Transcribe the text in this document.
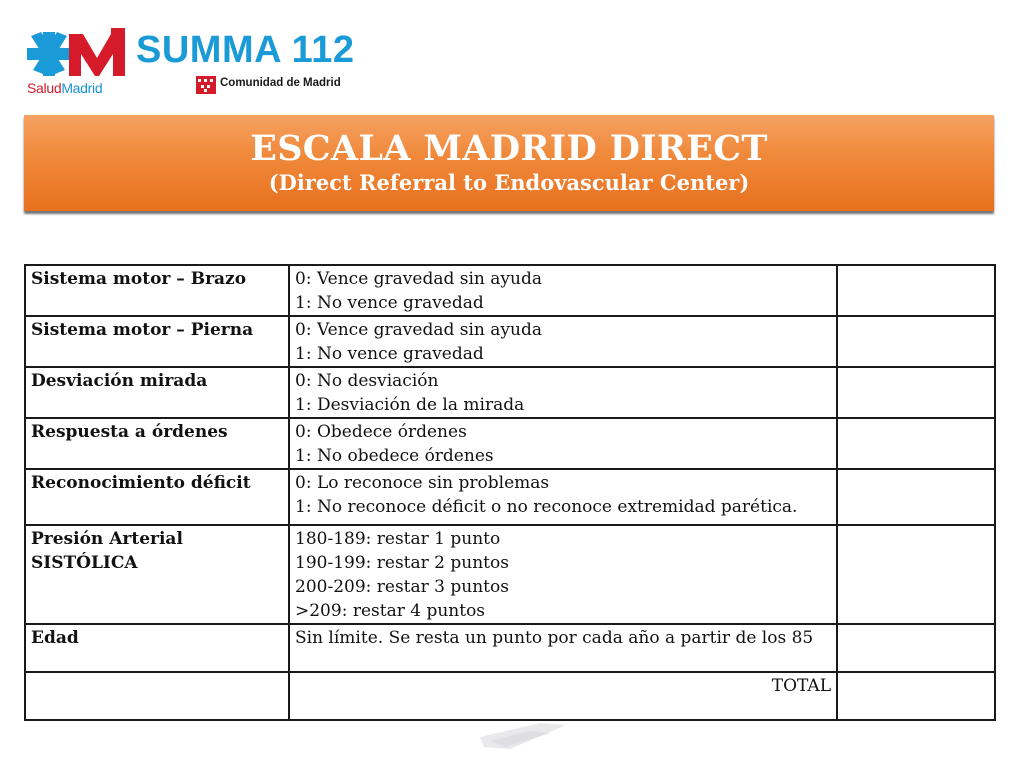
SaludMadrid
SUMMA 112
Comunidad de Madrid
ESCALA MADRID DIRECT
(Direct Referral to Endovascular Center)
Sistema motor – Brazo	0: Vence gravedad sin ayuda
1: No vence gravedad	

Sistema motor – Pierna	0: Vence gravedad sin ayuda
1: No vence gravedad	

Desviación mirada	0: No desviación
1: Desviación de la mirada	

Respuesta a órdenes	0: Obedece órdenes
1: No obedece órdenes	

Reconocimiento déficit	0: Lo reconoce sin problemas
1: No reconoce déficit o no reconoce extremidad parética.	

Presión Arterial SISTÓLICA	180-189: restar 1 punto
190-199: restar 2 puntos
200-209: restar 3 puntos
>209: restar 4 puntos	

Edad	Sin límite. Se resta un punto por cada año a partir de los 85	

	TOTAL	
